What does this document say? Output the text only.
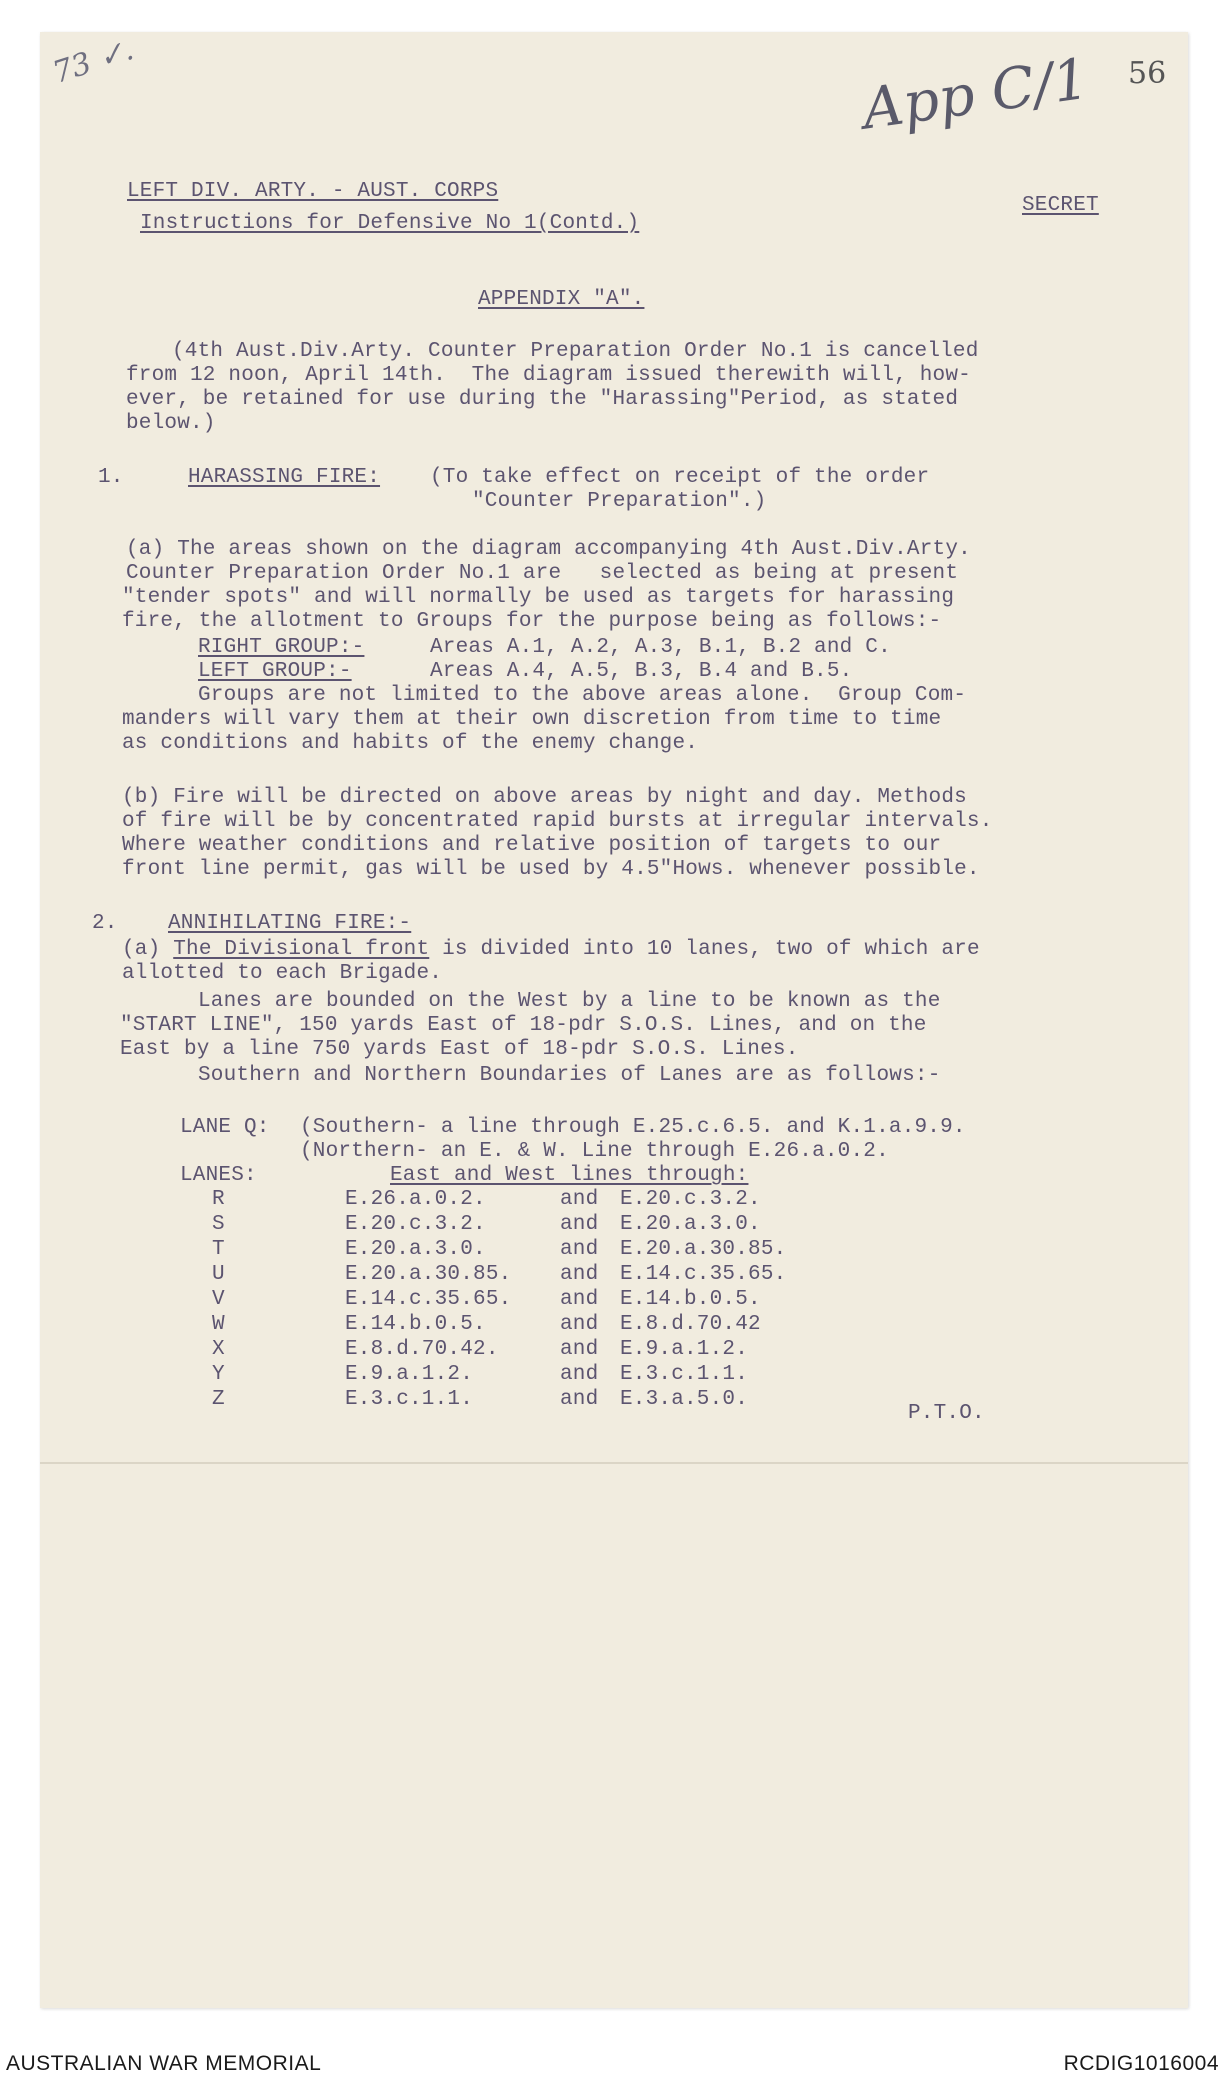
73 ✓.	56
App C/1
LEFT DIV. ARTY. - AUST. CORPS
Instructions for Defensive No 1(Contd.)
SECRET
APPENDIX "A".
(4th Aust.Div.Arty. Counter Preparation Order No.1 is cancelled
from 12 noon, April 14th.  The diagram issued therewith will, how-
ever, be retained for use during the "Harassing"Period, as stated
below.)
1.	HARASSING FIRE: (To take effect on receipt of the order
"Counter Preparation".)
(a) The areas shown on the diagram accompanying 4th Aust.Div.Arty.
Counter Preparation Order No.1 are   selected as being at present
"tender spots" and will normally be used as targets for harassing
fire, the allotment to Groups for the purpose being as follows:-
RIGHT GROUP:-	Areas A.1, A.2, A.3, B.1, B.2 and C.
LEFT GROUP:-	Areas A.4, A.5, B.3, B.4 and B.5.
Groups are not limited to the above areas alone.  Group Com-
manders will vary them at their own discretion from time to time
as conditions and habits of the enemy change.
(b) Fire will be directed on above areas by night and day. Methods
of fire will be by concentrated rapid bursts at irregular intervals.
Where weather conditions and relative position of targets to our
front line permit, gas will be used by 4.5"Hows. whenever possible.
2. ANNIHILATING FIRE:-
(a) The Divisional front is divided into 10 lanes, two of which are
allotted to each Brigade.
Lanes are bounded on the West by a line to be known as the
"START LINE", 150 yards East of 18-pdr S.O.S. Lines, and on the
East by a line 750 yards East of 18-pdr S.O.S. Lines.
Southern and Northern Boundaries of Lanes are as follows:-
LANE Q: (Southern- a line through E.25.c.6.5. and K.1.a.9.9.
(Northern- an E. & W. Line through E.26.a.0.2.
LANES:	East and West lines through:
R	E.26.a.0.2.	and E.20.c.3.2.
S	E.20.c.3.2.	and E.20.a.3.0.
T	E.20.a.3.0.	and E.20.a.30.85.
U	E.20.a.30.85. and E.14.c.35.65.
V	E.14.c.35.65. and E.14.b.0.5.
W	E.14.b.0.5.	and E.8.d.70.42
X	E.8.d.70.42.	and E.9.a.1.2.
Y	E.9.a.1.2.	and E.3.c.1.1.
Z	E.3.c.1.1.	and E.3.a.5.0.
P.T.O.
AUSTRALIAN WAR MEMORIAL	RCDIG1016004
